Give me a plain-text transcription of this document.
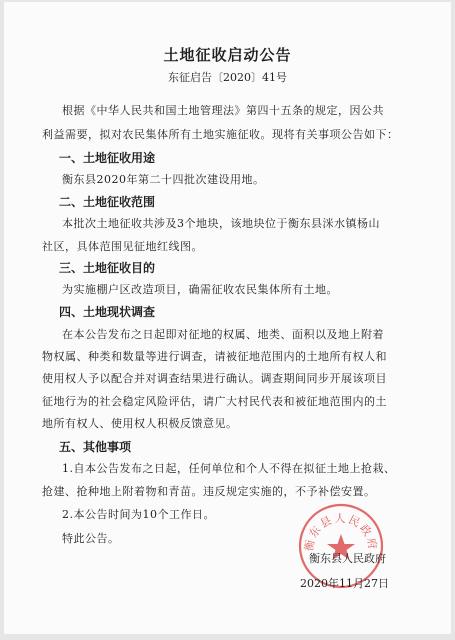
土地征收启动公告
东征启告〔2020〕41号
根据《中华人民共和国土地管理法》第四十五条的规定，因公共
利益需要，拟对农民集体所有土地实施征收。现将有关事项公告如下：
一、土地征收用途
衡东县2020年第二十四批次建设用地。
二、土地征收范围
本批次土地征收共涉及3个地块，该地块位于衡东县洣水镇杨山
社区，具体范围见征地红线图。
三、土地征收目的
为实施棚户区改造项目，确需征收农民集体所有土地。
四、土地现状调查
在本公告发布之日起即对征地的权属、地类、面积以及地上附着
物权属、种类和数量等进行调查，请被征地范围内的土地所有权人和
使用权人予以配合并对调查结果进行确认。调查期间同步开展该项目
征地行为的社会稳定风险评估，请广大村民代表和被征地范围内的土
地所有权人、使用权人积极反馈意见。
五、其他事项
1.自本公告发布之日起，任何单位和个人不得在拟征土地上抢栽、
抢建、抢种地上附着物和青苗。违反规定实施的，不予补偿安置。
2.本公告时间为10个工作日。
特此公告。	衡东县人民政府
衡东县人民政府
2020年11月27日
